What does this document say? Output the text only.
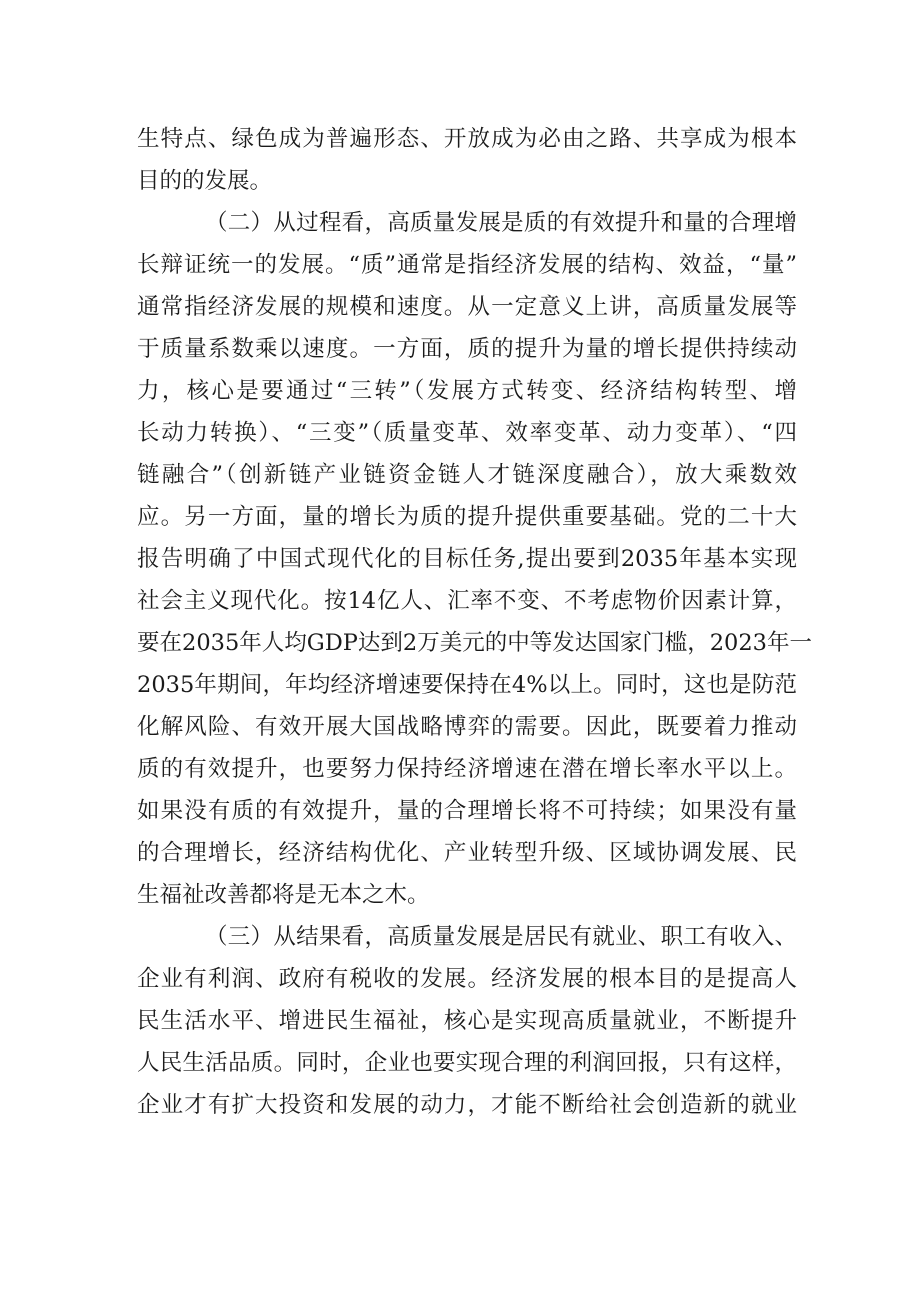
生特点、绿色成为普遍形态、开放成为必由之路、共享成为根本
目的的发展。
（二）从过程看，高质量发展是质的有效提升和量的合理增
长辩证统一的发展。“质”通常是指经济发展的结构、效益，“量”
通常指经济发展的规模和速度。从一定意义上讲，高质量发展等
于质量系数乘以速度。一方面，质的提升为量的增长提供持续动
力，核心是要通过“三转”（发展方式转变、经济结构转型、增
长动力转换）、“三变”（质量变革、效率变革、动力变革）、“四
链融合”（创新链产业链资金链人才链深度融合），放大乘数效
应。另一方面，量的增长为质的提升提供重要基础。党的二十大
报告明确了中国式现代化的目标任务,提出要到2035年基本实现
社会主义现代化。按14亿人、汇率不变、不考虑物价因素计算，
要在2035年人均GDP达到2万美元的中等发达国家门槛，2023年一
2035年期间，年均经济增速要保持在4%以上。同时，这也是防范
化解风险、有效开展大国战略博弈的需要。因此，既要着力推动
质的有效提升，也要努力保持经济增速在潜在增长率水平以上。
如果没有质的有效提升，量的合理增长将不可持续；如果没有量
的合理增长，经济结构优化、产业转型升级、区域协调发展、民
生福祉改善都将是无本之木。
（三）从结果看，高质量发展是居民有就业、职工有收入、
企业有利润、政府有税收的发展。经济发展的根本目的是提高人
民生活水平、增进民生福祉，核心是实现高质量就业，不断提升
人民生活品质。同时，企业也要实现合理的利润回报，只有这样，
企业才有扩大投资和发展的动力，才能不断给社会创造新的就业
